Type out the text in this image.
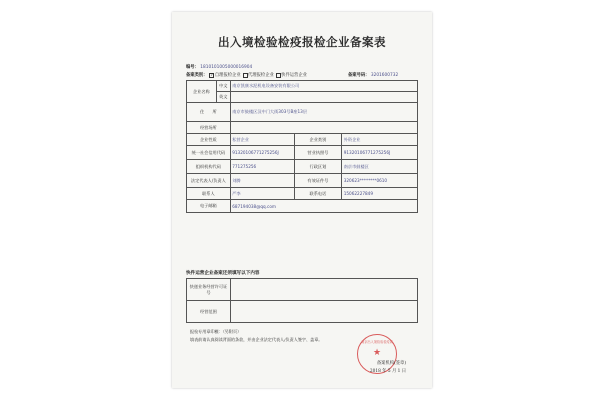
出入境检验检疫报检企业备案表
编号： 1810101005000016904
备案类别： ✓ 自理报检企业 代理报检企业 快件运营企业	备案号码： 3201600732
企业名称	中文	南京凯康水泥机电设备安装有限公司		
	英文			
住　　所		南京市鼓楼区汉中门大街303号B座13层		
经营场所				
企业性质		私营企业	企业类别	外资企业
统一社会信用代码		91320106771275256J	营业执照号	91320106771275256J
组织机构代码		771275256	行政区划	南京市鼓楼区
法定代表人/负责人		刘腾	有效证件号	320623********0610
联系人		严李	联系电话	15062227849
电子邮箱		687194038@qq.com		
快件运营企业备案还须填写以下内容
快递业务经营许可证号	
经营范围	
报检专用章印模：（另附页）
填表前请认真阅读背面的条款，并由企业法定代表人/负责人签字、盖章。	南京出入境检验检疫局
★
备案机构(签章)
2018 年 5 月 1 日
